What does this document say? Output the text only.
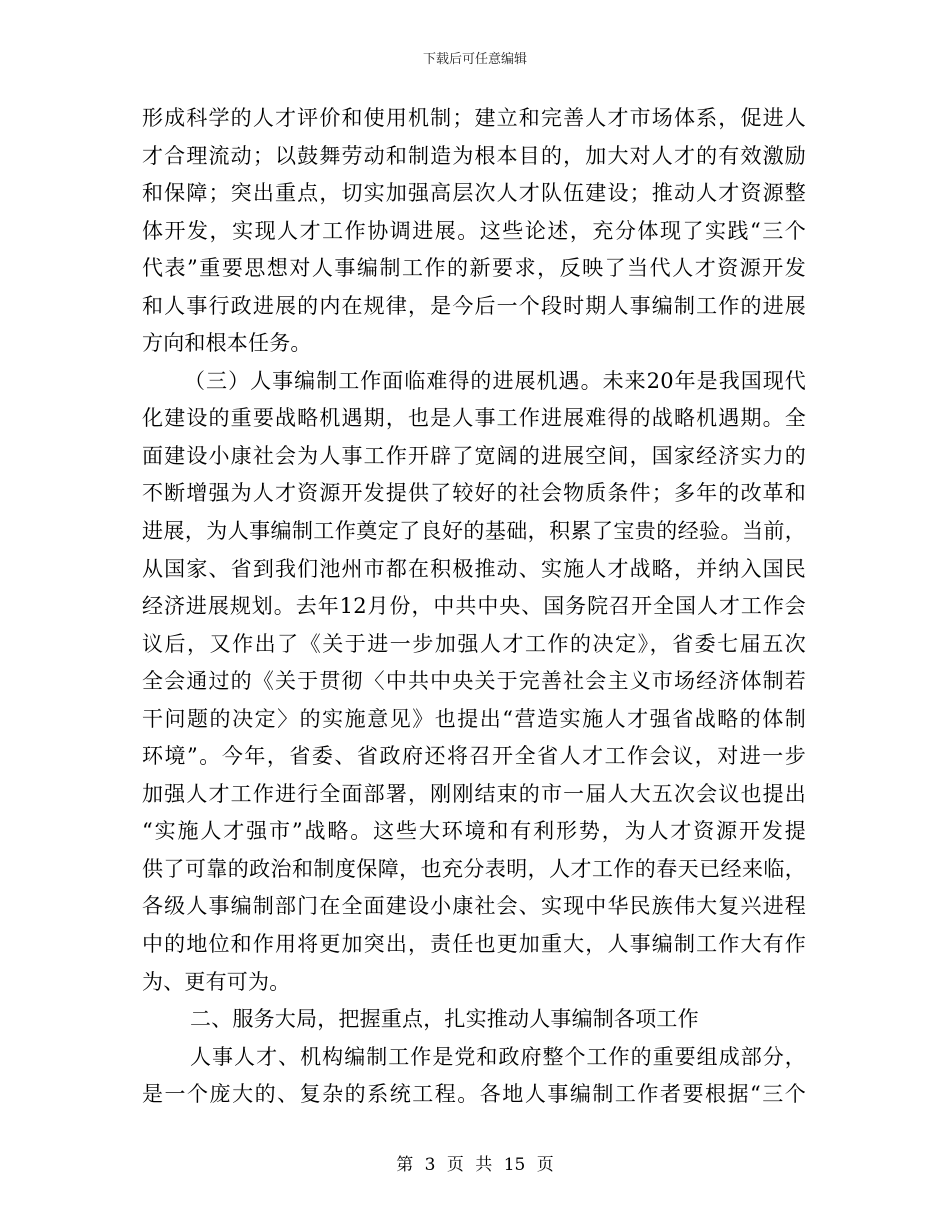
下载后可任意编辑
形成科学的人才评价和使用机制；建立和完善人才市场体系，促进人
才合理流动；以鼓舞劳动和制造为根本目的，加大对人才的有效激励
和保障；突出重点，切实加强高层次人才队伍建设；推动人才资源整
体开发，实现人才工作协调进展。这些论述，充分体现了实践“三个
代表”重要思想对人事编制工作的新要求，反映了当代人才资源开发
和人事行政进展的内在规律，是今后一个段时期人事编制工作的进展
方向和根本任务。
（三）人事编制工作面临难得的进展机遇。未来20年是我国现代
化建设的重要战略机遇期，也是人事工作进展难得的战略机遇期。全
面建设小康社会为人事工作开辟了宽阔的进展空间，国家经济实力的
不断增强为人才资源开发提供了较好的社会物质条件；多年的改革和
进展，为人事编制工作奠定了良好的基础，积累了宝贵的经验。当前，
从国家、省到我们池州市都在积极推动、实施人才战略，并纳入国民
经济进展规划。去年12月份，中共中央、国务院召开全国人才工作会
议后，又作出了《关于进一步加强人才工作的决定》，省委七届五次
全会通过的《关于贯彻〈中共中央关于完善社会主义市场经济体制若
干问题的决定〉的实施意见》也提出“营造实施人才强省战略的体制
环境”。今年，省委、省政府还将召开全省人才工作会议，对进一步
加强人才工作进行全面部署，刚刚结束的市一届人大五次会议也提出
“实施人才强市”战略。这些大环境和有利形势，为人才资源开发提
供了可靠的政治和制度保障，也充分表明，人才工作的春天已经来临，
各级人事编制部门在全面建设小康社会、实现中华民族伟大复兴进程
中的地位和作用将更加突出，责任也更加重大，人事编制工作大有作
为、更有可为。
二、服务大局，把握重点，扎实推动人事编制各项工作
人事人才、机构编制工作是党和政府整个工作的重要组成部分，
是一个庞大的、复杂的系统工程。各地人事编制工作者要根据“三个
第 3 页 共 15 页
